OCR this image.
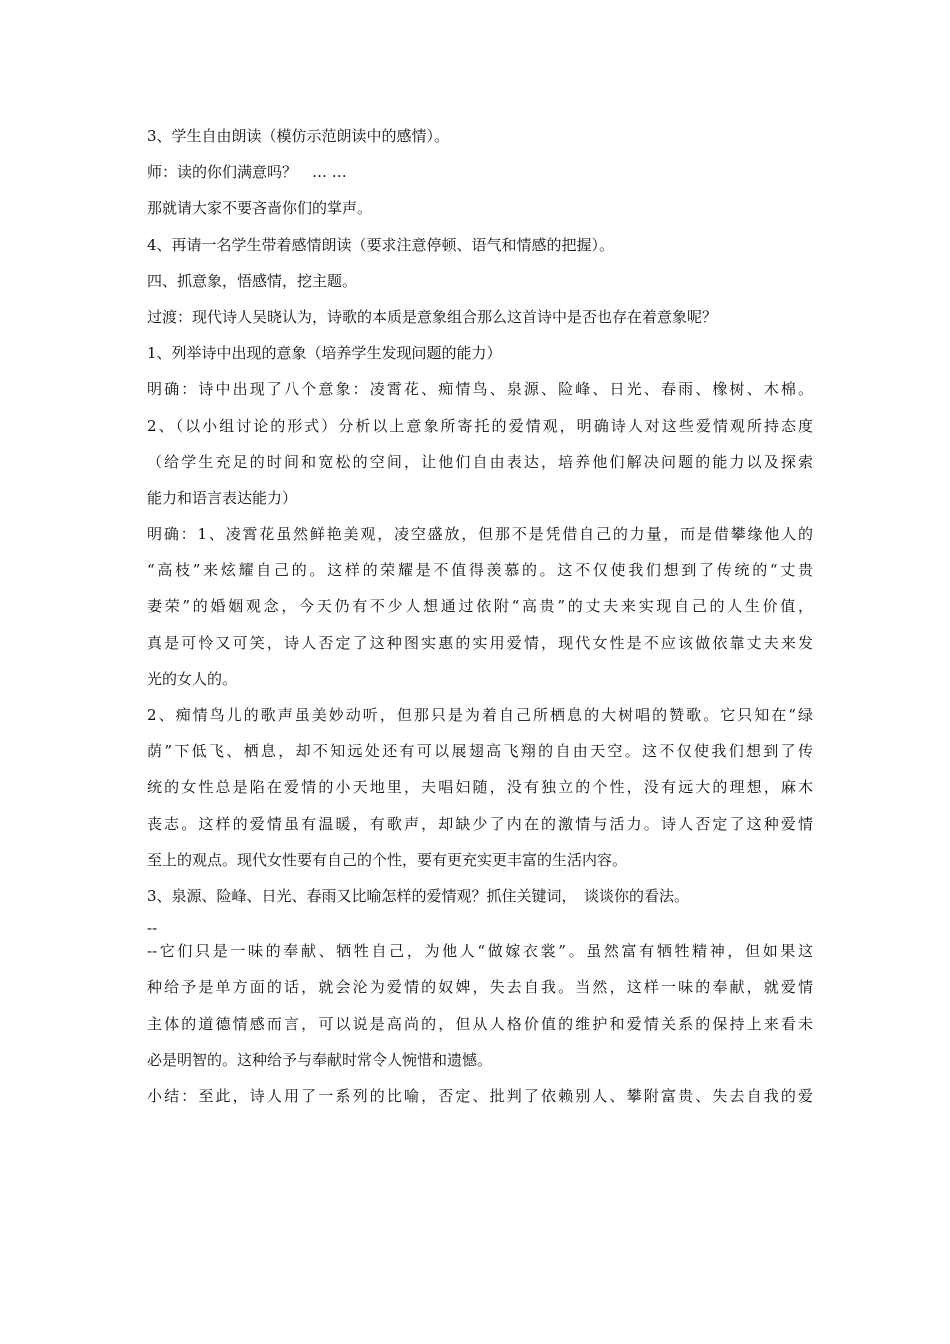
3、学生自由朗读（模仿示范朗读中的感情）。
师：读的你们满意吗？　… …
那就请大家不要吝啬你们的掌声。
4、再请一名学生带着感情朗读（要求注意停顿、语气和情感的把握）。
四、抓意象，悟感情，挖主题。
过渡：现代诗人吴晓认为，诗歌的本质是意象组合那么这首诗中是否也存在着意象呢？
1、列举诗中出现的意象（培养学生发现问题的能力）
明确：诗中出现了八个意象：凌霄花、痴情鸟、泉源、险峰、日光、春雨、橡树、木棉。
2、（以小组讨论的形式）分析以上意象所寄托的爱情观，明确诗人对这些爱情观所持态度
（给学生充足的时间和宽松的空间，让他们自由表达，培养他们解决问题的能力以及探索
能力和语言表达能力）
明确：1、凌霄花虽然鲜艳美观，凌空盛放，但那不是凭借自己的力量，而是借攀缘他人的
“高枝”来炫耀自己的。这样的荣耀是不值得羡慕的。这不仅使我们想到了传统的“丈贵
妻荣”的婚姻观念，今天仍有不少人想通过依附“高贵”的丈夫来实现自己的人生价值，
真是可怜又可笑，诗人否定了这种图实惠的实用爱情，现代女性是不应该做依靠丈夫来发
光的女人的。
2、痴情鸟儿的歌声虽美妙动听，但那只是为着自己所栖息的大树唱的赞歌。它只知在“绿
荫”下低飞、栖息，却不知远处还有可以展翅高飞翔的自由天空。这不仅使我们想到了传
统的女性总是陷在爱情的小天地里，夫唱妇随，没有独立的个性，没有远大的理想，麻木
丧志。这样的爱情虽有温暖，有歌声，却缺少了内在的激情与活力。诗人否定了这种爱情
至上的观点。现代女性要有自己的个性，要有更充实更丰富的生活内容。
3、泉源、险峰、日光、春雨又比喻怎样的爱情观？抓住关键词，　谈谈你的看法。
--
--它们只是一味的奉献、牺牲自己，为他人“做嫁衣裳”。虽然富有牺牲精神，但如果这
种给予是单方面的话，就会沦为爱情的奴婢，失去自我。当然，这样一味的奉献，就爱情
主体的道德情感而言，可以说是高尚的，但从人格价值的维护和爱情关系的保持上来看未
必是明智的。这种给予与奉献时常令人惋惜和遗憾。
小结：至此，诗人用了一系列的比喻，否定、批判了依赖别人、攀附富贵、失去自我的爱
